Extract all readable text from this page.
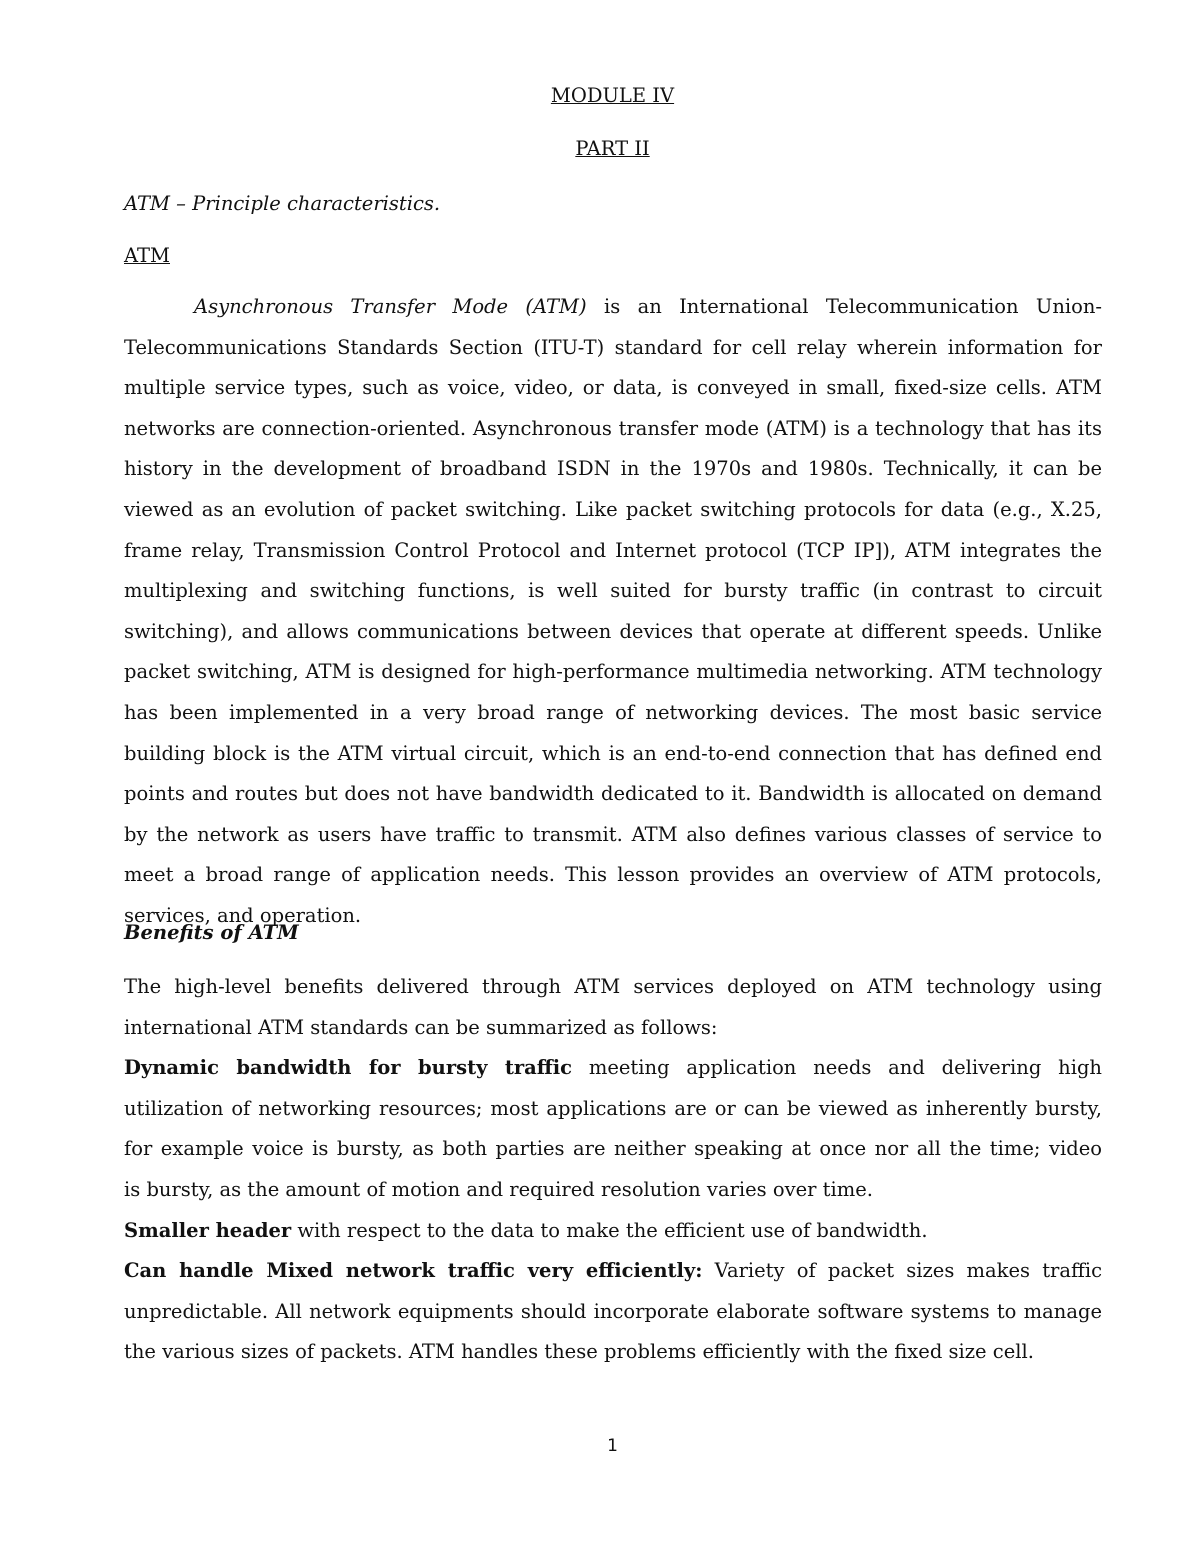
MODULE IV
PART II
ATM – Principle characteristics.
ATM
Asynchronous Transfer Mode (ATM) is an International Telecommunication Union-Telecommunications Standards Section (ITU-T) standard for cell relay wherein information for multiple service types, such as voice, video, or data, is conveyed in small, fixed-size cells. ATM networks are connection-oriented. Asynchronous transfer mode (ATM) is a technology that has its history in the development of broadband ISDN in the 1970s and 1980s. Technically, it can be viewed as an evolution of packet switching. Like packet switching protocols for data (e.g., X.25, frame relay, Transmission Control Protocol and Internet protocol (TCP IP]), ATM integrates the multiplexing and switching functions, is well suited for bursty traffic (in contrast to circuit switching), and allows communications between devices that operate at different speeds. Unlike packet switching, ATM is designed for high-performance multimedia networking. ATM technology has been implemented in a very broad range of networking devices. The most basic service building block is the ATM virtual circuit, which is an end-to-end connection that has defined end points and routes but does not have bandwidth dedicated to it. Bandwidth is allocated on demand by the network as users have traffic to transmit. ATM also defines various classes of service to meet a broad range of application needs. This lesson provides an overview of ATM protocols, services, and operation.
Benefits of ATM
The high-level benefits delivered through ATM services deployed on ATM technology using international ATM standards can be summarized as follows:
Dynamic bandwidth for bursty traffic meeting application needs and delivering high
utilization of networking resources; most applications are or can be viewed as inherently bursty,
for example voice is bursty, as both parties are neither speaking at once nor all the time; video
is bursty, as the amount of motion and required resolution varies over time.
Smaller header with respect to the data to make the efficient use of bandwidth.
Can handle Mixed network traffic very efficiently: Variety of packet sizes makes traffic unpredictable. All network equipments should incorporate elaborate software systems to manage the various sizes of packets. ATM handles these problems efficiently with the fixed size cell.
1
